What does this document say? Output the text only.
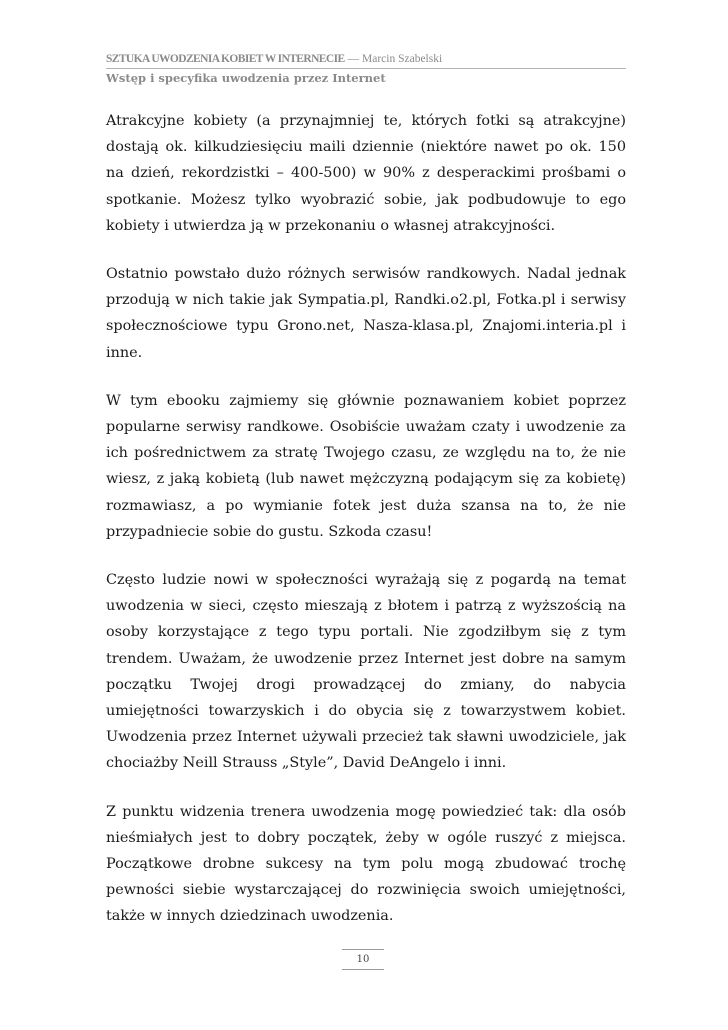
SZTUKA UWODZENIA KOBIET W INTERNECIE — Marcin Szabelski
Wstęp i specyfika uwodzenia przez Internet

Atrakcyjne kobiety (a przynajmniej te, których fotki są atrakcyjne) dostają ok. kilkudziesięciu maili dziennie (niektóre nawet po ok. 150 na dzień, rekordzistki – 400-500) w 90% z desperackimi prośbami o spotkanie. Możesz tylko wyobrazić sobie, jak podbudowuje to ego kobiety i utwierdza ją w przekonaniu o własnej atrakcyjności.

Ostatnio powstało dużo różnych serwisów randkowych. Nadal jednak przodują w nich takie jak Sympatia.pl, Randki.o2.pl, Fotka.pl i serwisy społecznościowe typu Grono.net, Nasza-klasa.pl, Znajomi.interia.pl i inne.

W tym ebooku zajmiemy się głównie poznawaniem kobiet poprzez popularne serwisy randkowe. Osobiście uważam czaty i uwodzenie za ich pośrednictwem za stratę Twojego czasu, ze względu na to, że nie wiesz, z jaką kobietą (lub nawet mężczyzną podającym się za kobietę) rozmawiasz, a po wymianie fotek jest duża szansa na to, że nie przypadniecie sobie do gustu. Szkoda czasu!

Często ludzie nowi w społeczności wyrażają się z pogardą na temat uwodzenia w sieci, często mieszają z błotem i patrzą z wyższością na osoby korzystające z tego typu portali. Nie zgodziłbym się z tym trendem. Uważam, że uwodzenie przez Internet jest dobre na samym początku Twojej drogi prowadzącej do zmiany, do nabycia umiejętności towarzyskich i do obycia się z towarzystwem kobiet. Uwodzenia przez Internet używali przecież tak sławni uwodziciele, jak chociażby Neill Strauss „Style”, David DeAngelo i inni.

Z punktu widzenia trenera uwodzenia mogę powiedzieć tak: dla osób nieśmiałych jest to dobry początek, żeby w ogóle ruszyć z miejsca. Początkowe drobne sukcesy na tym polu mogą zbudować trochę pewności siebie wystarczającej do rozwinięcia swoich umiejętności, także w innych dziedzinach uwodzenia.

10
